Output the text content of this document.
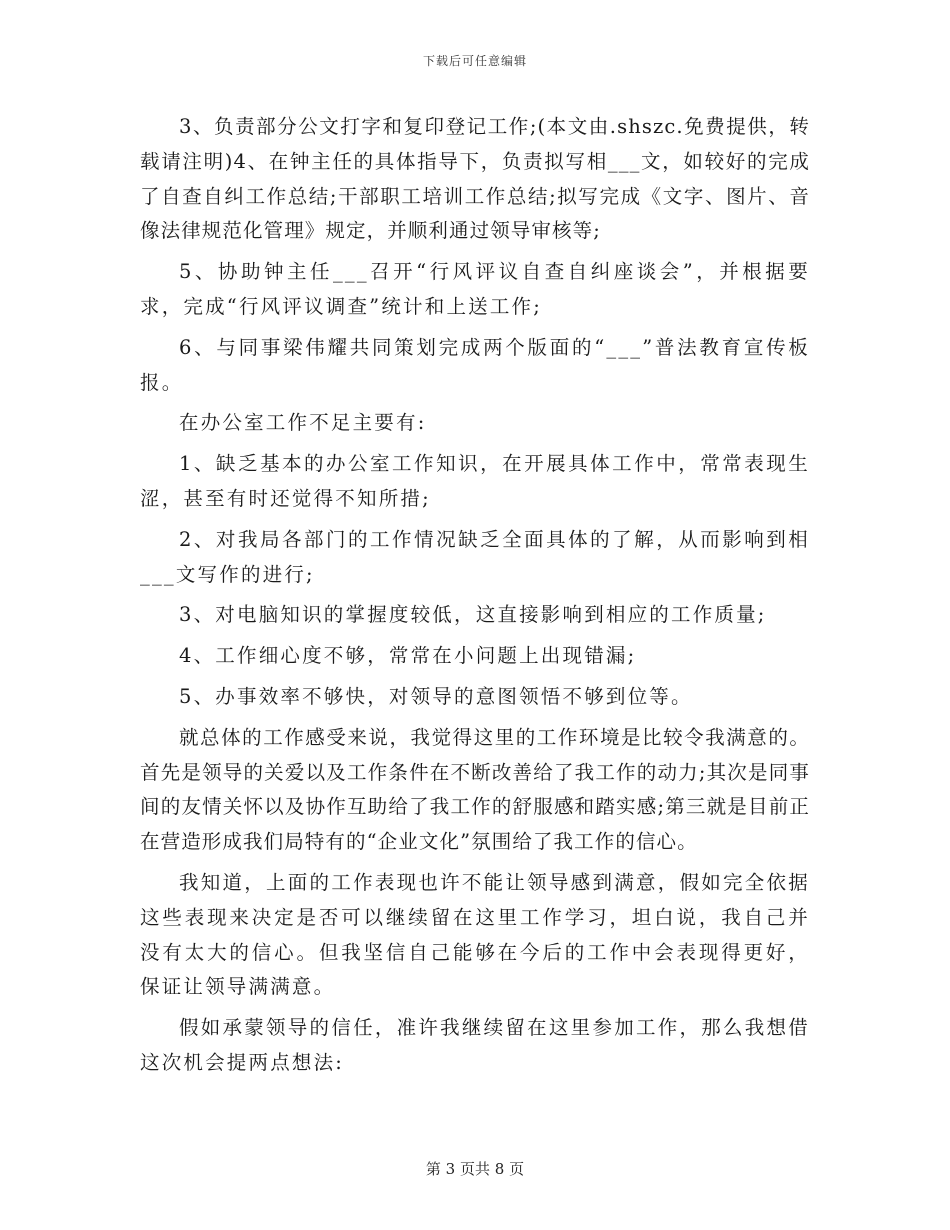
下载后可任意编辑

3、负责部分公文打字和复印登记工作;(本文由.shszc.免费提供，转载请注明)4、在钟主任的具体指导下，负责拟写相___文，如较好的完成了自查自纠工作总结;干部职工培训工作总结;拟写完成《文字、图片、音像法律规范化管理》规定，并顺利通过领导审核等;

5、协助钟主任___召开“行风评议自查自纠座谈会”，并根据要求，完成“行风评议调查”统计和上送工作;

6、与同事梁伟耀共同策划完成两个版面的“___”普法教育宣传板报。

在办公室工作不足主要有:

1、缺乏基本的办公室工作知识，在开展具体工作中，常常表现生涩，甚至有时还觉得不知所措;

2、对我局各部门的工作情况缺乏全面具体的了解，从而影响到相___文写作的进行;

3、对电脑知识的掌握度较低，这直接影响到相应的工作质量;

4、工作细心度不够，常常在小问题上出现错漏;

5、办事效率不够快，对领导的意图领悟不够到位等。

就总体的工作感受来说，我觉得这里的工作环境是比较令我满意的。首先是领导的关爱以及工作条件在不断改善给了我工作的动力;其次是同事间的友情关怀以及协作互助给了我工作的舒服感和踏实感;第三就是目前正在营造形成我们局特有的“企业文化”氛围给了我工作的信心。

我知道，上面的工作表现也许不能让领导感到满意，假如完全依据这些表现来决定是否可以继续留在这里工作学习，坦白说，我自己并没有太大的信心。但我坚信自己能够在今后的工作中会表现得更好，保证让领导满满意。

假如承蒙领导的信任，准许我继续留在这里参加工作，那么我想借这次机会提两点想法:

第 3 页共 8 页
